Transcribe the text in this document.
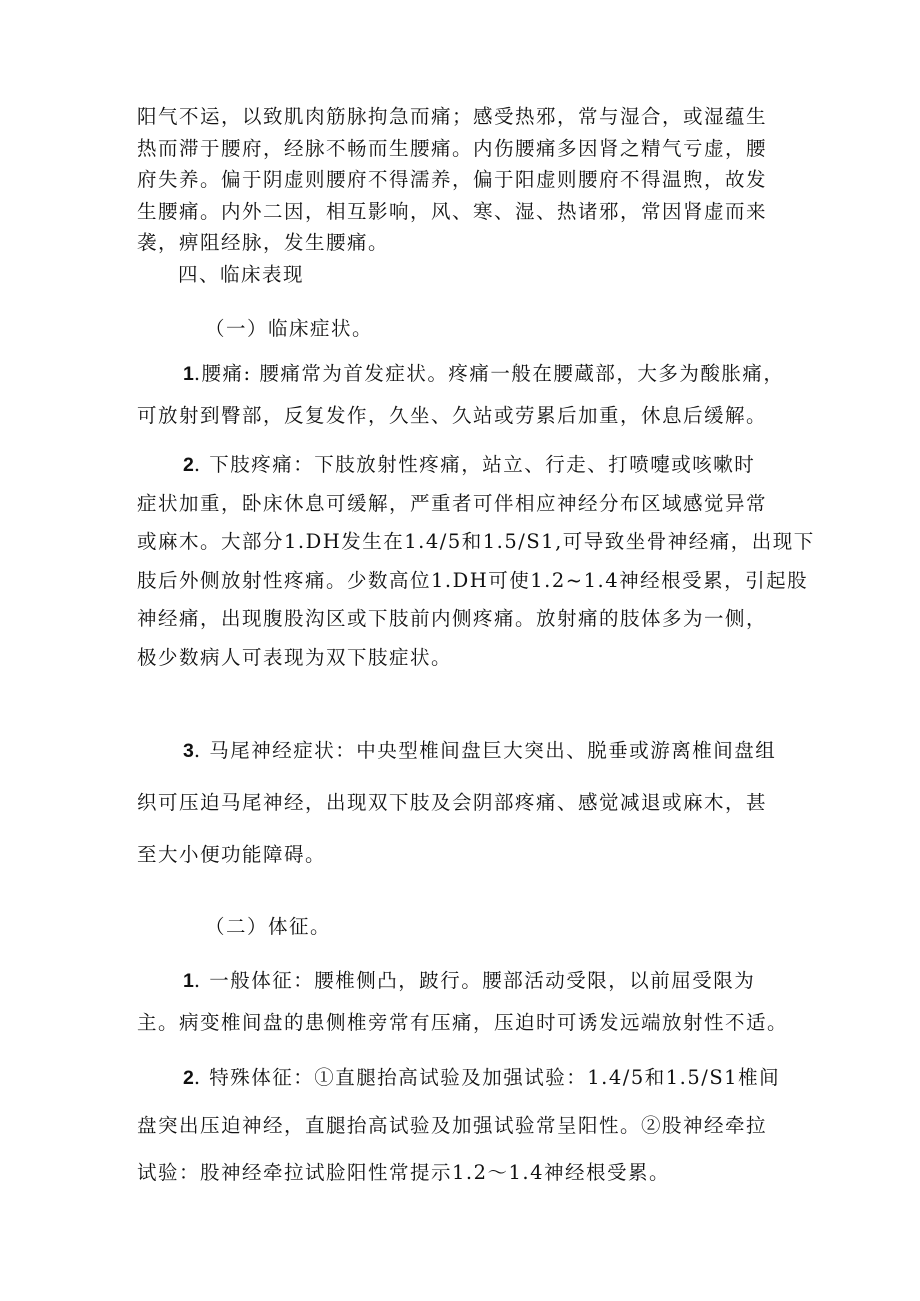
阳气不运，以致肌肉筋脉拘急而痛；感受热邪，常与湿合，或湿蕴生
热而滞于腰府，经脉不畅而生腰痛。内伤腰痛多因肾之精气亏虚，腰
府失养。偏于阴虚则腰府不得濡养，偏于阳虚则腰府不得温煦，故发
生腰痛。内外二因，相互影响，风、寒、湿、热诸邪，常因肾虚而来
袭，痹阻经脉，发生腰痛。
四、临床表现
（一）临床症状。
1.腰痛: 腰痛常为首发症状。疼痛一般在腰蔵部，大多为酸胀痛，
可放射到臀部，反复发作，久坐、久站或劳累后加重，休息后缓解。
2. 下肢疼痛：下肢放射性疼痛，站立、行走、打喷嚏或咳嗽时
症状加重，卧床休息可缓解，严重者可伴相应神经分布区域感觉异常
或麻木。大部分1.DH发生在1.4/5和1.5/S1,可导致坐骨神经痛，出现下
肢后外侧放射性疼痛。少数高位1.DH可使1.2~1.4神经根受累，引起股
神经痛，出现腹股沟区或下肢前内侧疼痛。放射痛的肢体多为一侧，
极少数病人可表现为双下肢症状。
3. 马尾神经症状：中央型椎间盘巨大突出、脱垂或游离椎间盘组
织可压迫马尾神经，出现双下肢及会阴部疼痛、感觉减退或麻木，甚
至大小便功能障碍。
（二）体征。
1. 一般体征：腰椎侧凸，跛行。腰部活动受限，以前屈受限为
主。病变椎间盘的患侧椎旁常有压痛，压迫时可诱发远端放射性不适。
2. 特殊体征：①直腿抬高试验及加强试验：1.4/5和1.5/S1椎间
盘突出压迫神经，直腿抬高试验及加强试验常呈阳性。②股神经牵拉
试验：股神经牵拉试脸阳性常提示1.2～1.4神经根受累。
